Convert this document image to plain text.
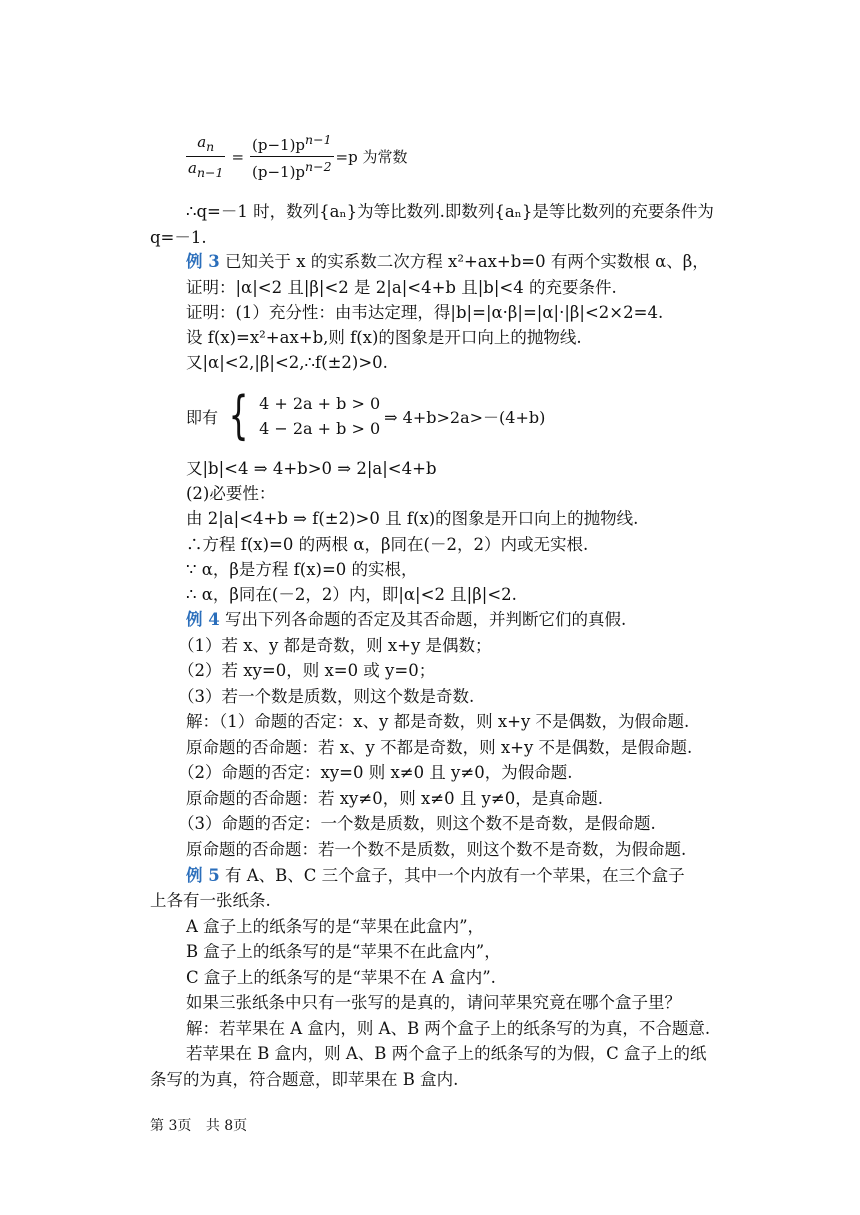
$\frac{a_n}{a_{n-1}} = \frac{(p-1)p^{n-1}}{(p-1)p^{n-2}} =p$ 为常数
∴q=－1 时，数列{aₙ}为等比数列.即数列{aₙ}是等比数列的充要条件为
q=－1.
例 3 已知关于 x 的实系数二次方程 x²+ax+b=0 有两个实数根 α、β，
证明：|α|<2 且|β|<2 是 2|a|<4+b 且|b|<4 的充要条件.
证明：(1）充分性：由韦达定理，得|b|=|α·β|=|α|·|β|<2×2=4.
设 f(x)=x²+ax+b,则 f(x)的图象是开口向上的抛物线.
又|α|<2,|β|<2,∴f(±2)>0.
即有 { 4 + 2a + b > 0
4 − 2a + b > 0
⇒ 4+b>2a>－(4+b)
又|b|<4 ⇒ 4+b>0 ⇒ 2|a|<4+b
(2)必要性：
由 2|a|<4+b ⇒ f(±2)>0 且 f(x)的图象是开口向上的抛物线.
∴方程 f(x)=0 的两根 α，β同在(－2，2）内或无实根.
∵ α，β是方程 f(x)=0 的实根，
∴ α，β同在(－2，2）内，即|α|<2 且|β|<2.
例 4 写出下列各命题的否定及其否命题，并判断它们的真假.
（1）若 x、y 都是奇数，则 x+y 是偶数；
（2）若 xy=0，则 x=0 或 y=0；
（3）若一个数是质数，则这个数是奇数.
解：（1）命题的否定：x、y 都是奇数，则 x+y 不是偶数，为假命题.
原命题的否命题：若 x、y 不都是奇数，则 x+y 不是偶数，是假命题.
（2）命题的否定：xy=0 则 x≠0 且 y≠0，为假命题.
原命题的否命题：若 xy≠0，则 x≠0 且 y≠0，是真命题.
（3）命题的否定：一个数是质数，则这个数不是奇数，是假命题.
原命题的否命题：若一个数不是质数，则这个数不是奇数，为假命题.
例 5 有 A、B、C 三个盒子，其中一个内放有一个苹果，在三个盒子
上各有一张纸条.
A 盒子上的纸条写的是“苹果在此盒内”，
B 盒子上的纸条写的是“苹果不在此盒内”，
C 盒子上的纸条写的是“苹果不在 A 盒内”.
如果三张纸条中只有一张写的是真的，请问苹果究竟在哪个盒子里？
解：若苹果在 A 盒内，则 A、B 两个盒子上的纸条写的为真，不合题意.
若苹果在 B 盒内，则 A、B 两个盒子上的纸条写的为假，C 盒子上的纸
条写的为真，符合题意，即苹果在 B 盒内.
第 3页 共 8页
